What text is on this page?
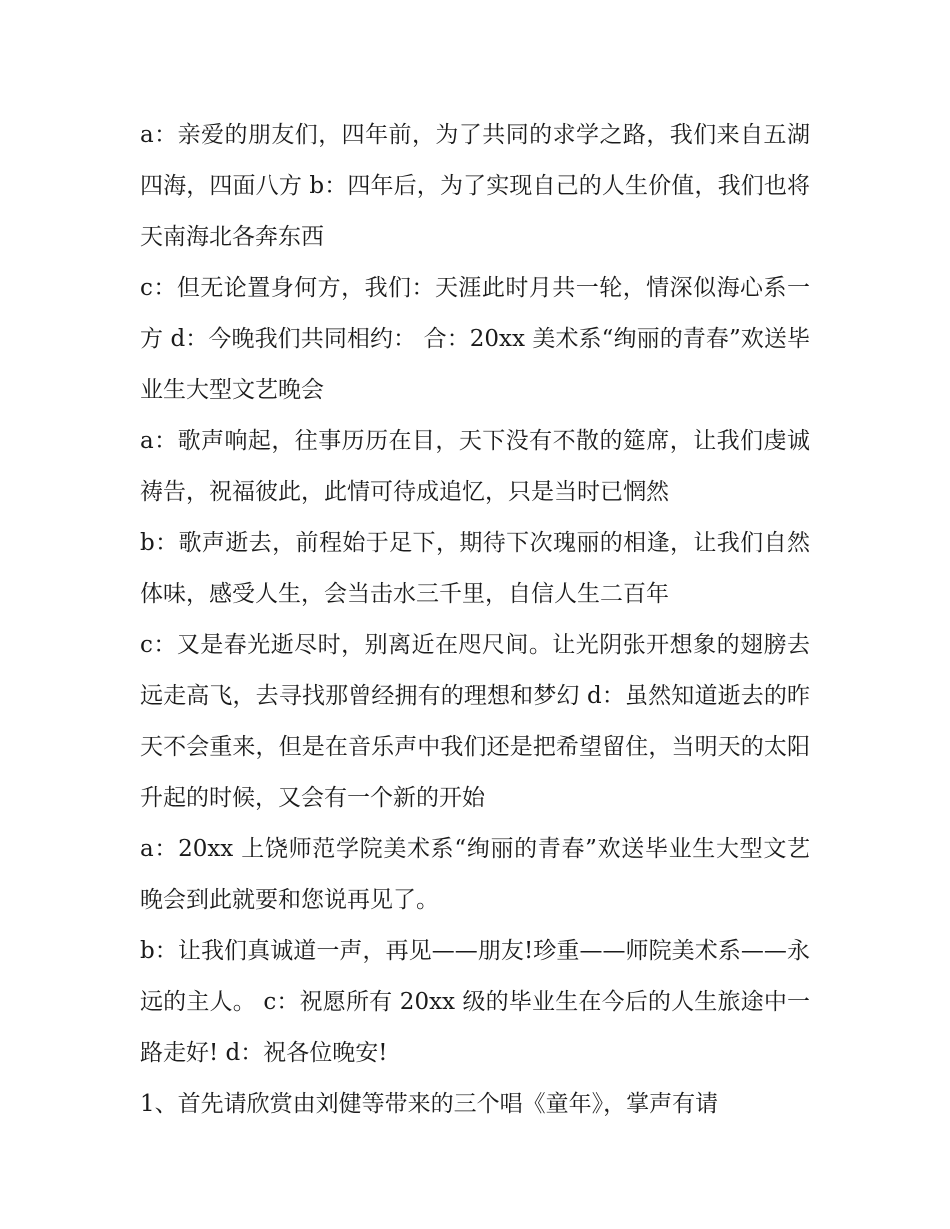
a：亲爱的朋友们，四年前，为了共同的求学之路，我们来自五湖四海，四面八方 b：四年后，为了实现自己的人生价值，我们也将天南海北各奔东西

c：但无论置身何方，我们：天涯此时月共一轮，情深似海心系一方 d：今晚我们共同相约： 合：20xx 美术系“绚丽的青春”欢送毕业生大型文艺晚会

a：歌声响起，往事历历在目，天下没有不散的筵席，让我们虔诚祷告，祝福彼此，此情可待成追忆，只是当时已惘然

b：歌声逝去，前程始于足下，期待下次瑰丽的相逢，让我们自然体味，感受人生，会当击水三千里，自信人生二百年

c：又是春光逝尽时，别离近在咫尺间。让光阴张开想象的翅膀去远走高飞，去寻找那曾经拥有的理想和梦幻 d：虽然知道逝去的昨天不会重来，但是在音乐声中我们还是把希望留住，当明天的太阳升起的时候，又会有一个新的开始

a：20xx 上饶师范学院美术系“绚丽的青春”欢送毕业生大型文艺晚会到此就要和您说再见了。

b：让我们真诚道一声，再见——朋友!珍重——师院美术系——永远的主人。 c：祝愿所有 20xx 级的毕业生在今后的人生旅途中一路走好! d：祝各位晚安!

1、首先请欣赏由刘健等带来的三个唱《童年》，掌声有请
